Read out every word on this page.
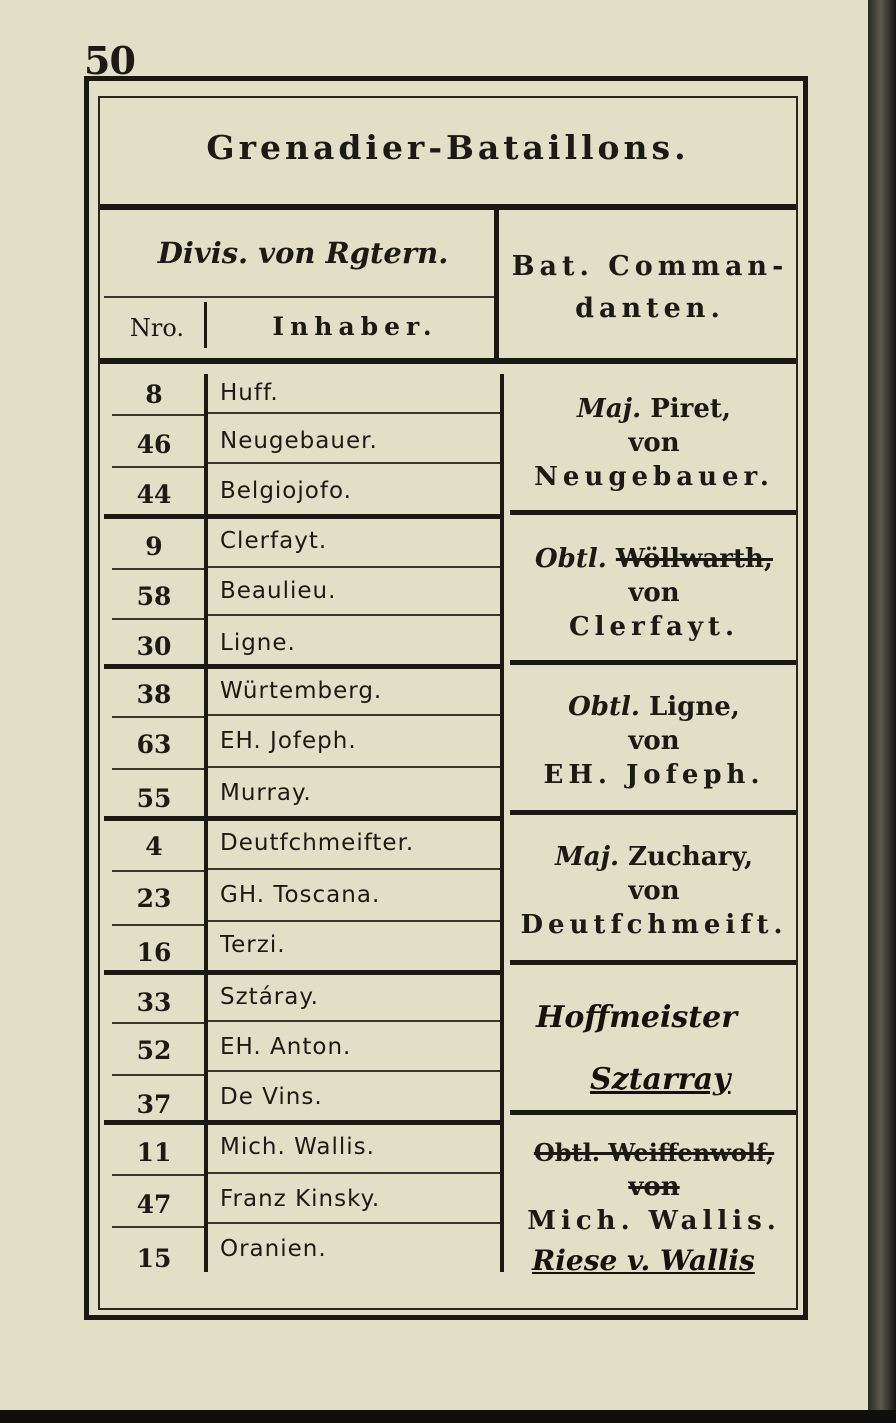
50
Grenadier-Bataillons.
Divis. von Rgtern.
Nro.	Inhaber.
Bat. Comman-danten.
8
46
44
9
58
30
38
63
55
4
23
16
33
52
37
11
47
15
Huff.
Neugebauer.
Belgiojofo.
Clerfayt.
Beaulieu.
Ligne.
Würtemberg.
EH. Jofeph.
Murray.
Deutfchmeifter.
GH. Toscana.
Terzi.
Sztáray.
EH. Anton.
De Vins.
Mich. Wallis.
Franz Kinsky.
Oranien.
Maj. Piret,
von
Neugebauer.
Obtl. Wöllwarth,
von
Clerfayt.
Obtl. Ligne,
von
EH. Jofeph.
Maj. Zuchary,
von
Deutfchmeift.
Hoffmeister
Sztarray
Obtl. Weiffenwolf,
von
Mich. Wallis.
Riese v. Wallis
